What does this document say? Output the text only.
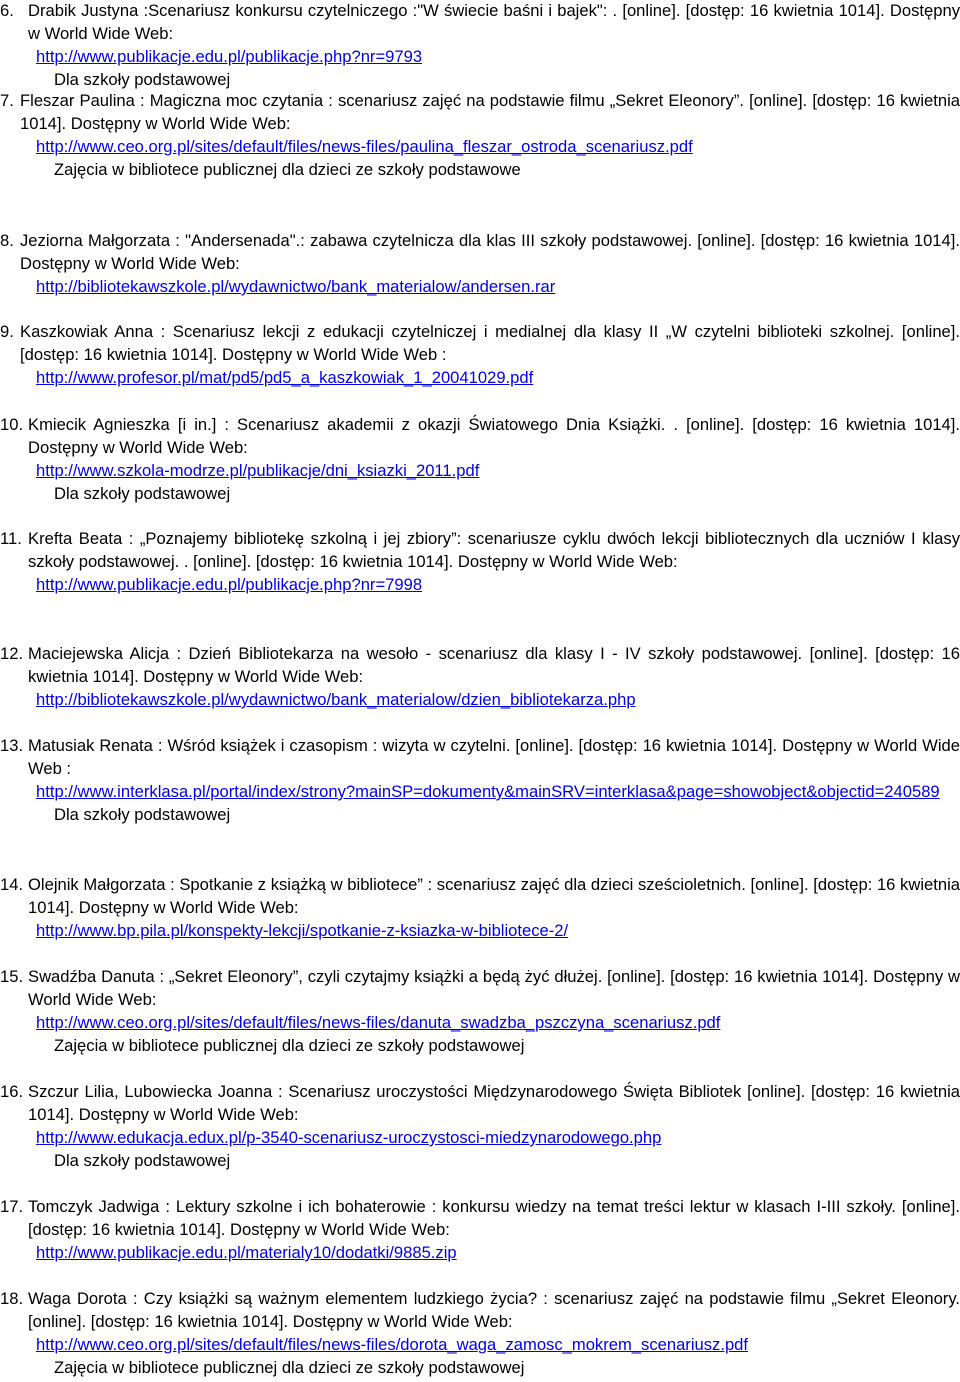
6. Drabik Justyna :Scenariusz konkursu czytelniczego :"W świecie baśni i bajek": . [online]. [dostęp: 16 kwietnia 1014]. Dostępny w World Wide Web:
http://www.publikacje.edu.pl/publikacje.php?nr=9793
Dla szkoły podstawowej
7. Fleszar Paulina : Magiczna moc czytania : scenariusz zajęć na podstawie filmu „Sekret Eleonory”. [online]. [dostęp: 16 kwietnia 1014]. Dostępny w World Wide Web:
http://www.ceo.org.pl/sites/default/files/news-files/paulina_fleszar_ostroda_scenariusz.pdf
Zajęcia w bibliotece publicznej dla dzieci ze szkoły podstawowe
8. Jeziorna Małgorzata : "Andersenada".: zabawa czytelnicza dla klas III szkoły podstawowej. [online]. [dostęp: 16 kwietnia 1014]. Dostępny w World Wide Web:
http://bibliotekawszkole.pl/wydawnictwo/bank_materialow/andersen.rar
9. Kaszkowiak Anna : Scenariusz lekcji z edukacji czytelniczej i medialnej dla klasy II „W czytelni biblioteki szkolnej. [online]. [dostęp: 16 kwietnia 1014]. Dostępny w World Wide Web :
http://www.profesor.pl/mat/pd5/pd5_a_kaszkowiak_1_20041029.pdf
10. Kmiecik Agnieszka [i in.] : Scenariusz akademii z okazji Światowego Dnia Książki. . [online]. [dostęp: 16 kwietnia 1014]. Dostępny w World Wide Web:
http://www.szkola-modrze.pl/publikacje/dni_ksiazki_2011.pdf
Dla szkoły podstawowej
11. Krefta Beata : „Poznajemy bibliotekę szkolną i jej zbiory”: scenariusze cyklu dwóch lekcji bibliotecznych dla uczniów I klasy szkoły podstawowej. . [online]. [dostęp: 16 kwietnia 1014]. Dostępny w World Wide Web:
http://www.publikacje.edu.pl/publikacje.php?nr=7998
12. Maciejewska Alicja : Dzień Bibliotekarza na wesoło - scenariusz dla klasy I - IV szkoły podstawowej. [online]. [dostęp: 16 kwietnia 1014]. Dostępny w World Wide Web:
http://bibliotekawszkole.pl/wydawnictwo/bank_materialow/dzien_bibliotekarza.php
13. Matusiak Renata : Wśród książek i czasopism : wizyta w czytelni. [online]. [dostęp: 16 kwietnia 1014]. Dostępny w World Wide Web :
http://www.interklasa.pl/portal/index/strony?mainSP=dokumenty&mainSRV=interklasa&page=showobject&objectid=240589
Dla szkoły podstawowej
14. Olejnik Małgorzata : Spotkanie z książką w bibliotece” : scenariusz zajęć dla dzieci sześcioletnich. [online]. [dostęp: 16 kwietnia 1014]. Dostępny w World Wide Web:
http://www.bp.pila.pl/konspekty-lekcji/spotkanie-z-ksiazka-w-bibliotece-2/
15. Swadźba Danuta : „Sekret Eleonory”, czyli czytajmy książki a będą żyć dłużej. [online]. [dostęp: 16 kwietnia 1014]. Dostępny w World Wide Web:
http://www.ceo.org.pl/sites/default/files/news-files/danuta_swadzba_pszczyna_scenariusz.pdf
Zajęcia w bibliotece publicznej dla dzieci ze szkoły podstawowej
16. Szczur Lilia, Lubowiecka Joanna : Scenariusz uroczystości Międzynarodowego Święta Bibliotek [online]. [dostęp: 16 kwietnia 1014]. Dostępny w World Wide Web:
http://www.edukacja.edux.pl/p-3540-scenariusz-uroczystosci-miedzynarodowego.php
Dla szkoły podstawowej
17. Tomczyk Jadwiga : Lektury szkolne i ich bohaterowie : konkursu wiedzy na temat treści lektur w klasach I-III szkoły. [online]. [dostęp: 16 kwietnia 1014]. Dostępny w World Wide Web:
http://www.publikacje.edu.pl/materialy10/dodatki/9885.zip
18. Waga Dorota : Czy książki są ważnym elementem ludzkiego życia? : scenariusz zajęć na podstawie filmu „Sekret Eleonory. [online]. [dostęp: 16 kwietnia 1014]. Dostępny w World Wide Web:
http://www.ceo.org.pl/sites/default/files/news-files/dorota_waga_zamosc_mokrem_scenariusz.pdf
Zajęcia w bibliotece publicznej dla dzieci ze szkoły podstawowej
